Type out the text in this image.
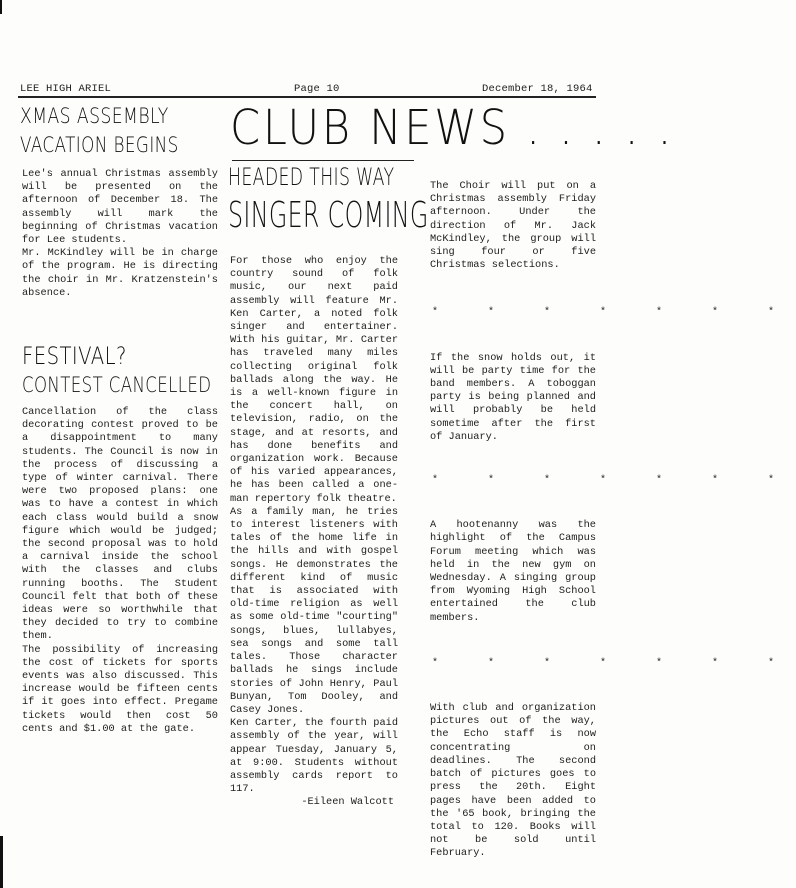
LEE HIGH ARIEL	Page 10	December 18, 1964
XMAS ASSEMBLY
VACATION BEGINS

Lee's annual Christmas assembly will be presented on the afternoon of December 18. The assembly will mark the beginning of Christmas vacation for Lee students.

Mr. McKindley will be in charge of the program. He is directing the choir in Mr. Kratzenstein's absence.

FESTIVAL?
CONTEST CANCELLED

Cancellation of the class decorating contest proved to be a disappointment to many students. The Council is now in the process of discussing a type of winter carnival. There were two proposed plans: one was to have a contest in which each class would build a snow figure which would be judged; the second proposal was to hold a carnival inside the school with the classes and clubs running booths. The Student Council felt that both of these ideas were so worthwhile that they decided to try to combine them.

The possibility of increasing the cost of tickets for sports events was also discussed. This increase would be fifteen cents if it goes into effect. Pregame tickets would then cost 50 cents and $1.00 at the gate.

CLUB NEWS . . . . .
HEADED THIS WAY
SINGER COMING

For those who enjoy the country sound of folk music, our next paid assembly will feature Mr. Ken Carter, a noted folk singer and entertainer. With his guitar, Mr. Carter has traveled many miles collecting original folk ballads along the way. He is a well-known figure in the concert hall, on television, radio, on the stage, and at resorts, and has done benefits and organization work. Because of his varied appearances, he has been called a one-man repertory folk theatre.

As a family man, he tries to interest listeners with tales of the home life in the hills and with gospel songs. He demonstrates the different kind of music that is associated with old-time religion as well as some old-time "courting" songs, blues, lullabyes, sea songs and some tall tales. Those character ballads he sings include stories of John Henry, Paul Bunyan, Tom Dooley, and Casey Jones.

Ken Carter, the fourth paid assembly of the year, will appear Tuesday, January 5, at 9:00. Students without assembly cards report to 117.

-Eileen Walcott

The Choir will put on a Christmas assembly Friday afternoon. Under the direction of Mr. Jack McKindley, the group will sing four or five Christmas selections.

* * * * * * *

If the snow holds out, it will be party time for the band members. A toboggan party is being planned and will probably be held sometime after the first of January.

* * * * * * *

A hootenanny was the highlight of the Campus Forum meeting which was held in the new gym on Wednesday. A singing group from Wyoming High School entertained the club members.

* * * * * * *

With club and organization pictures out of the way, the Echo staff is now concentrating on deadlines. The second batch of pictures goes to press the 20th. Eight pages have been added to the '65 book, bringing the total to 120. Books will not be sold until February.
